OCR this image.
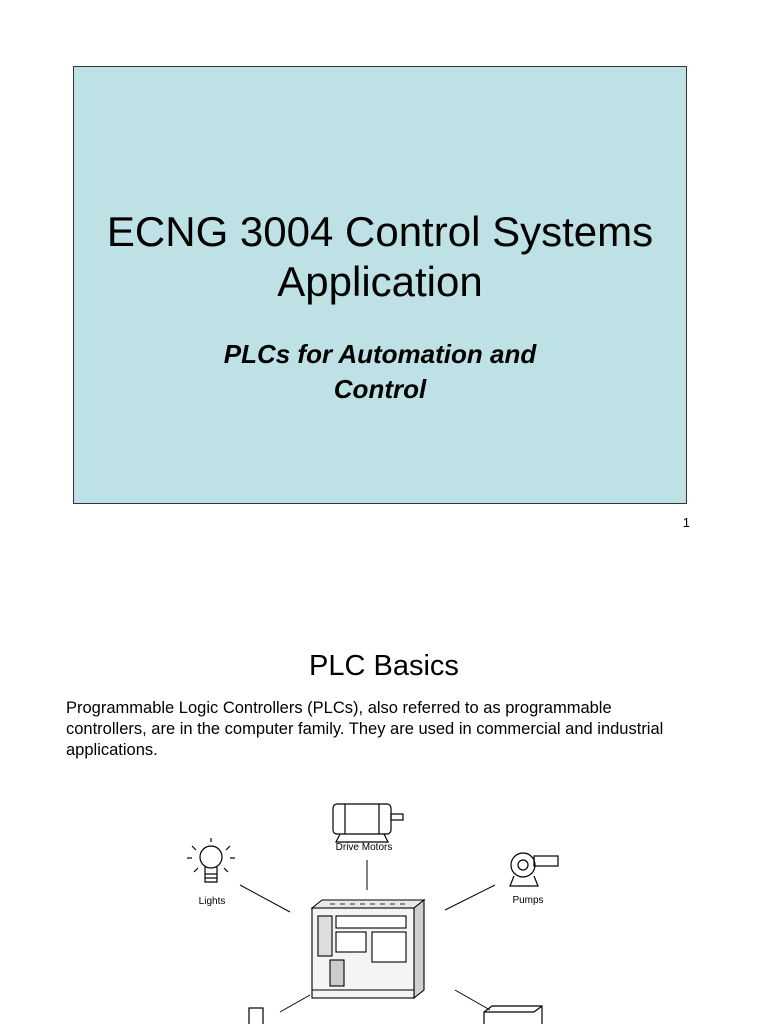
ECNG 3004 Control Systems Application

PLCs for Automation and Control

1
PLC Basics

Programmable Logic Controllers (PLCs), also referred to as programmable controllers, are in the computer family. They are used in commercial and industrial applications.

Drive Motors
Lights	Pumps
